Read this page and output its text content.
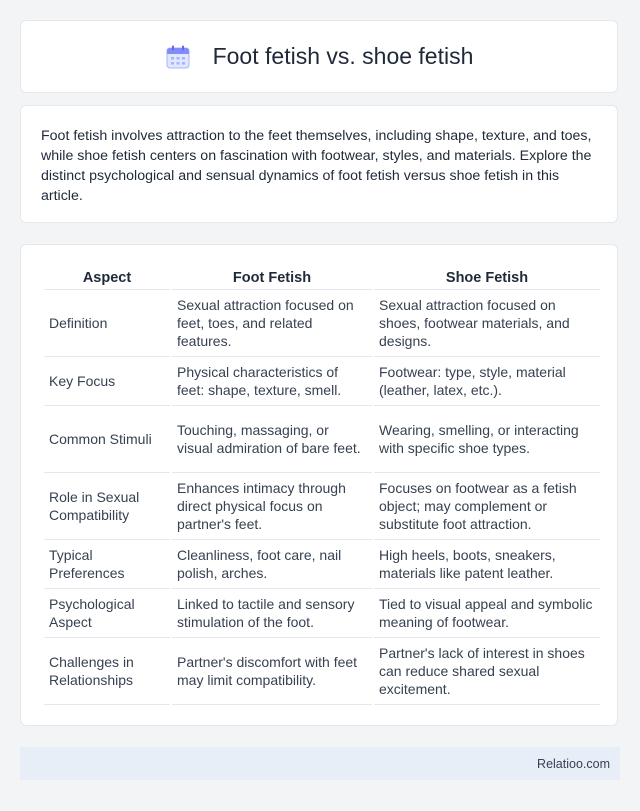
Foot fetish vs. shoe fetish

Foot fetish involves attraction to the feet themselves, including shape, texture, and toes, while shoe fetish centers on fascination with footwear, styles, and materials. Explore the distinct psychological and sensual dynamics of foot fetish versus shoe fetish in this article.

Aspect	Foot Fetish	Shoe Fetish
Definition	Sexual attraction focused on feet, toes, and related features.	Sexual attraction focused on shoes, footwear materials, and designs.
Key Focus	Physical characteristics of feet: shape, texture, smell.	Footwear: type, style, material (leather, latex, etc.).
Common Stimuli	Touching, massaging, or visual admiration of bare feet.	Wearing, smelling, or interacting with specific shoe types.
Role in Sexual Compatibility	Enhances intimacy through direct physical focus on partner's feet.	Focuses on footwear as a fetish object; may complement or substitute foot attraction.
Typical Preferences	Cleanliness, foot care, nail polish, arches.	High heels, boots, sneakers, materials like patent leather.
Psychological Aspect	Linked to tactile and sensory stimulation of the foot.	Tied to visual appeal and symbolic meaning of footwear.
Challenges in Relationships	Partner's discomfort with feet may limit compatibility.	Partner's lack of interest in shoes can reduce shared sexual excitement.
Relatioo.com
